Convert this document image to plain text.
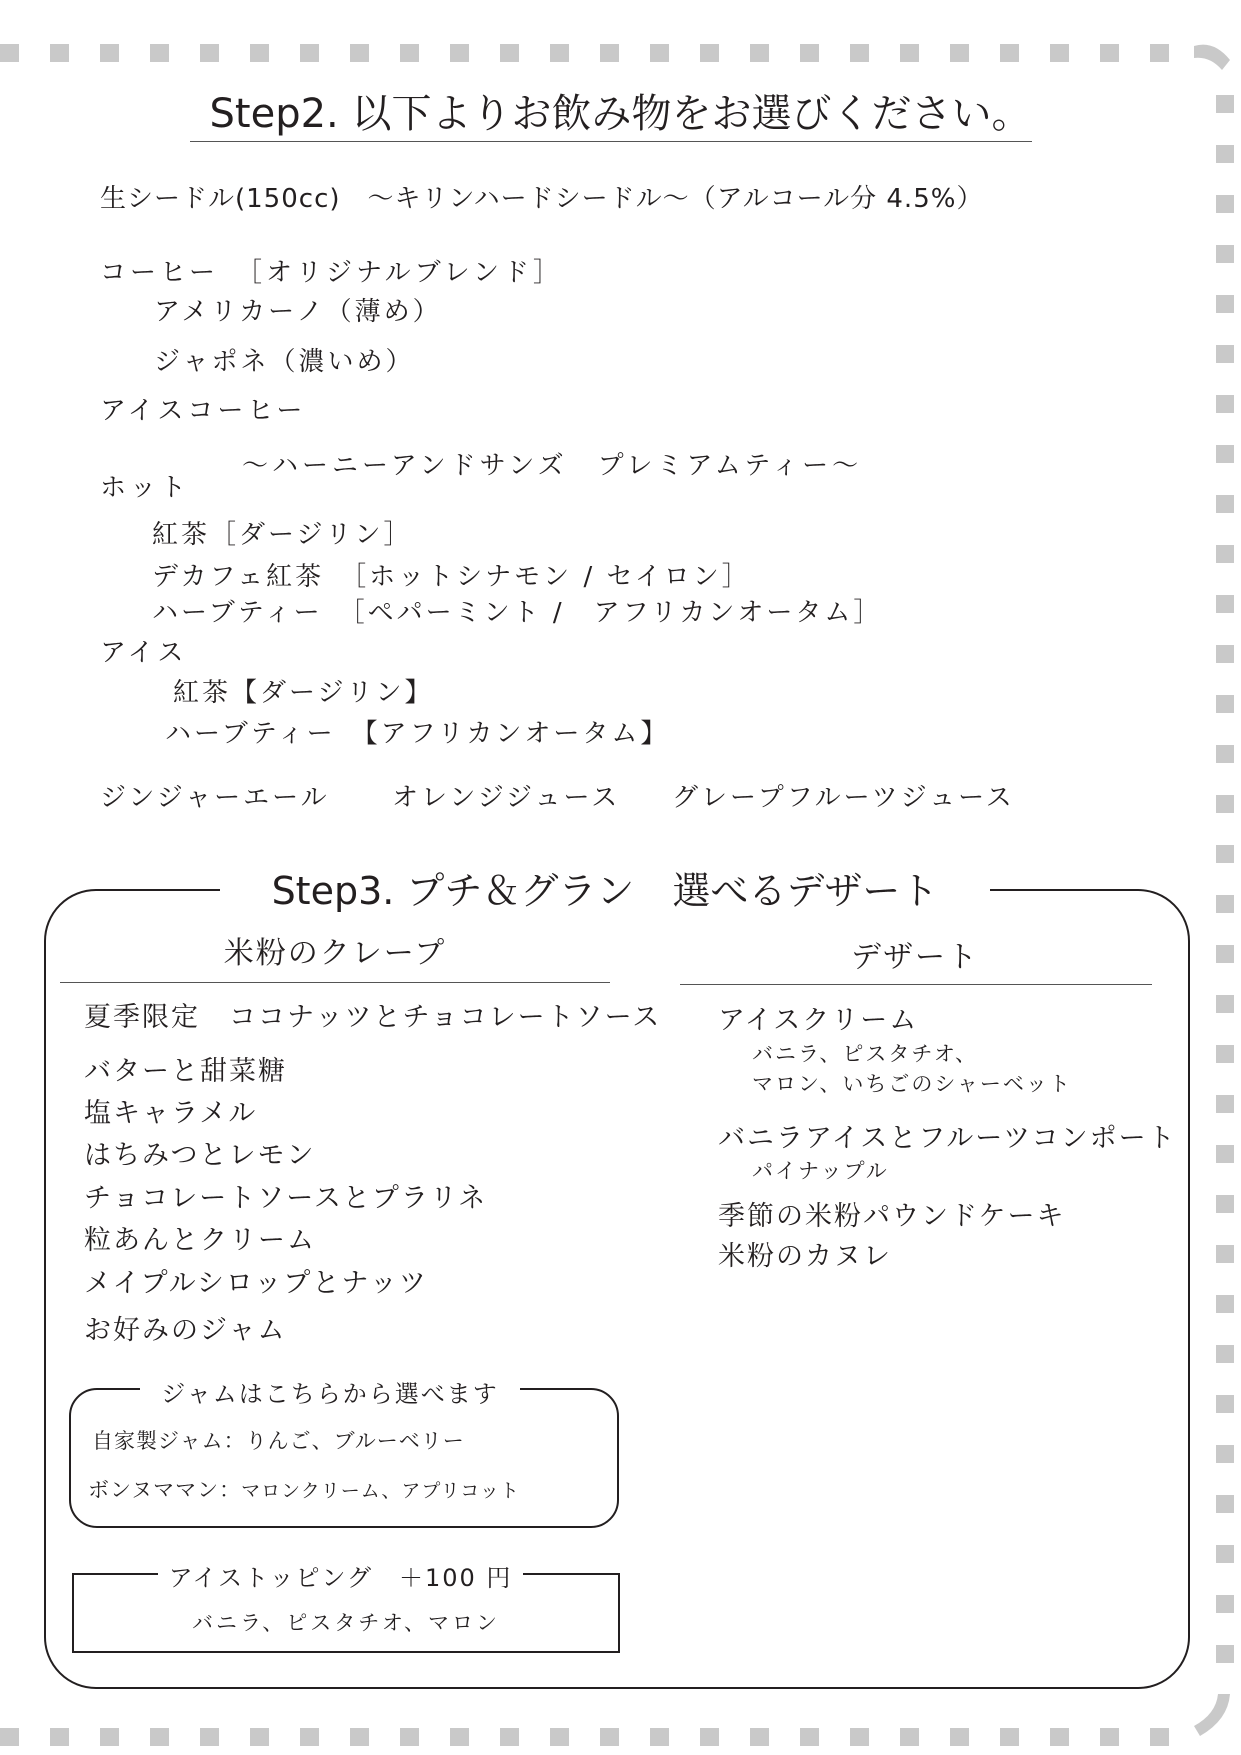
Step2. 以下よりお飲み物をお選びください。
生シードル(150cc)　～キリンハードシードル～（アルコール分 4.5%）
コーヒー　［オリジナルブレンド］
アメリカーノ（薄め）
ジャポネ（濃いめ）
アイスコーヒー
～ハーニーアンドサンズ　プレミアムティー～
ホット
紅茶［ダージリン］
デカフェ紅茶　［ホットシナモン / セイロン］
ハーブティー　［ペパーミント /　アフリカンオータム］
アイス
紅茶【ダージリン】
ハーブティー　【アフリカンオータム】
ジンジャーエール オレンジジュース グレープフルーツジュース
Step3. プチ＆グラン　選べるデザート
米粉のクレープ
夏季限定　ココナッツとチョコレートソース
バターと甜菜糖
塩キャラメル
はちみつとレモン
チョコレートソースとプラリネ
粒あんとクリーム
メイプルシロップとナッツ
お好みのジャム
ジャムはこちらから選べます
自家製ジャム：りんご、ブルーベリー
ボンヌママン：マロンクリーム、アプリコット
アイストッピング　＋100 円
バニラ、ピスタチオ、マロン
デザート
アイスクリーム
バニラ、ピスタチオ、
マロン、いちごのシャーベット
バニラアイスとフルーツコンポート
パイナップル
季節の米粉パウンドケーキ
米粉のカヌレ
